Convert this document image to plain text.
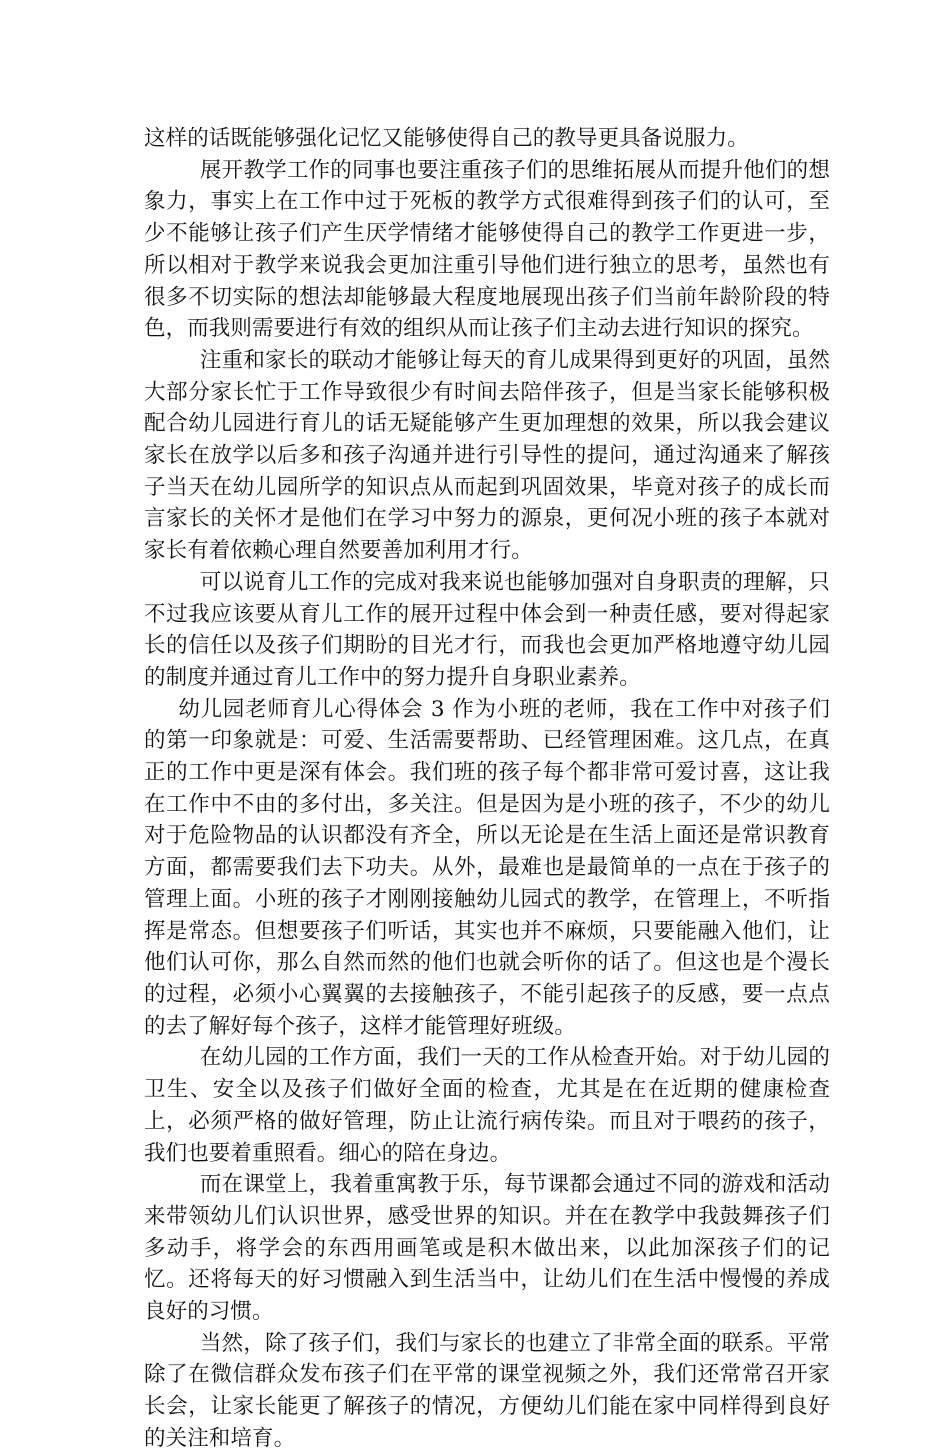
这样的话既能够强化记忆又能够使得自己的教导更具备说服力。

展开教学工作的同事也要注重孩子们的思维拓展从而提升他们的想象力，事实上在工作中过于死板的教学方式很难得到孩子们的认可，至少不能够让孩子们产生厌学情绪才能够使得自己的教学工作更进一步，所以相对于教学来说我会更加注重引导他们进行独立的思考，虽然也有很多不切实际的想法却能够最大程度地展现出孩子们当前年龄阶段的特色，而我则需要进行有效的组织从而让孩子们主动去进行知识的探究。

注重和家长的联动才能够让每天的育儿成果得到更好的巩固，虽然大部分家长忙于工作导致很少有时间去陪伴孩子，但是当家长能够积极配合幼儿园进行育儿的话无疑能够产生更加理想的效果，所以我会建议家长在放学以后多和孩子沟通并进行引导性的提问，通过沟通来了解孩子当天在幼儿园所学的知识点从而起到巩固效果，毕竟对孩子的成长而言家长的关怀才是他们在学习中努力的源泉，更何况小班的孩子本就对家长有着依赖心理自然要善加利用才行。

可以说育儿工作的完成对我来说也能够加强对自身职责的理解，只不过我应该要从育儿工作的展开过程中体会到一种责任感，要对得起家长的信任以及孩子们期盼的目光才行，而我也会更加严格地遵守幼儿园的制度并通过育儿工作中的努力提升自身职业素养。

幼儿园老师育儿心得体会 3 作为小班的老师，我在工作中对孩子们的第一印象就是：可爱、生活需要帮助、已经管理困难。这几点，在真正的工作中更是深有体会。我们班的孩子每个都非常可爱讨喜，这让我在工作中不由的多付出，多关注。但是因为是小班的孩子，不少的幼儿对于危险物品的认识都没有齐全，所以无论是在生活上面还是常识教育方面，都需要我们去下功夫。从外，最难也是最简单的一点在于孩子的管理上面。小班的孩子才刚刚接触幼儿园式的教学，在管理上，不听指挥是常态。但想要孩子们听话，其实也并不麻烦，只要能融入他们，让他们认可你，那么自然而然的他们也就会听你的话了。但这也是个漫长的过程，必须小心翼翼的去接触孩子，不能引起孩子的反感，要一点点的去了解好每个孩子，这样才能管理好班级。

在幼儿园的工作方面，我们一天的工作从检查开始。对于幼儿园的卫生、安全以及孩子们做好全面的检查，尤其是在在近期的健康检查上，必须严格的做好管理，防止让流行病传染。而且对于喂药的孩子，我们也要着重照看。细心的陪在身边。

而在课堂上，我着重寓教于乐，每节课都会通过不同的游戏和活动来带领幼儿们认识世界，感受世界的知识。并在在教学中我鼓舞孩子们多动手，将学会的东西用画笔或是积木做出来，以此加深孩子们的记忆。还将每天的好习惯融入到生活当中，让幼儿们在生活中慢慢的养成良好的习惯。

当然，除了孩子们，我们与家长的也建立了非常全面的联系。平常除了在微信群众发布孩子们在平常的课堂视频之外，我们还常常召开家长会，让家长能更了解孩子的情况，方便幼儿们能在家中同样得到良好的关注和培育。
